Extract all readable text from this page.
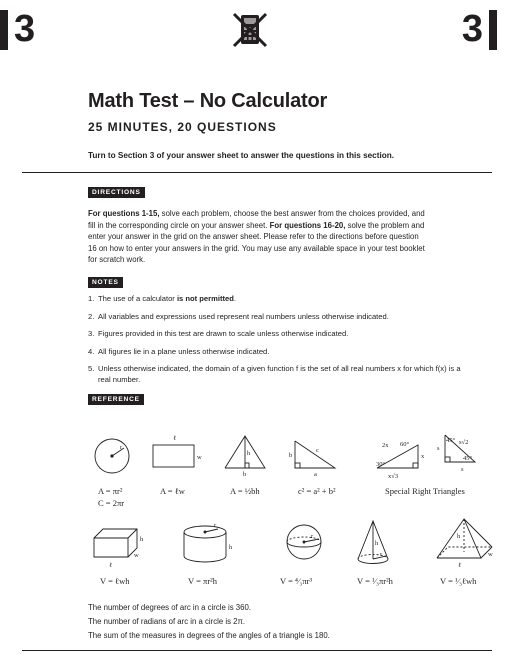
3	3
Math Test – No Calculator
25 MINUTES, 20 QUESTIONS
Turn to Section 3 of your answer sheet to answer the questions in this section.
DIRECTIONS
For questions 1-15, solve each problem, choose the best answer from the choices provided, and fill in the corresponding circle on your answer sheet. For questions 16-20, solve the problem and enter your answer in the grid on the answer sheet. Please refer to the directions before question 16 on how to enter your answers in the grid. You may use any available space in your test booklet for scratch work.
NOTES
1. The use of a calculator is not permitted.
2. All variables and expressions used represent real numbers unless otherwise indicated.
3. Figures provided in this test are drawn to scale unless otherwise indicated.
4. All figures lie in a plane unless otherwise indicated.
5. Unless otherwise indicated, the domain of a given function f is the set of all real numbers x for which f(x) is a real number.
REFERENCE
r
ℓ
w
h
b
b
c
a
2x 60°
x
30°
x√3
45° s√2
s
45°
s
A = πr²
C = 2πr
A = ℓw	A = ½bh	c² = a² + b²	Special Right Triangles
h
w
ℓ
r
h
r
h
r
h
w
ℓ
V = ℓwh	V = πr²h	V = ⁴⁄₃πr³	V = ¹⁄₃πr²h	V = ¹⁄₃ℓwh
The number of degrees of arc in a circle is 360.
The number of radians of arc in a circle is 2π.
The sum of the measures in degrees of the angles of a triangle is 180.
